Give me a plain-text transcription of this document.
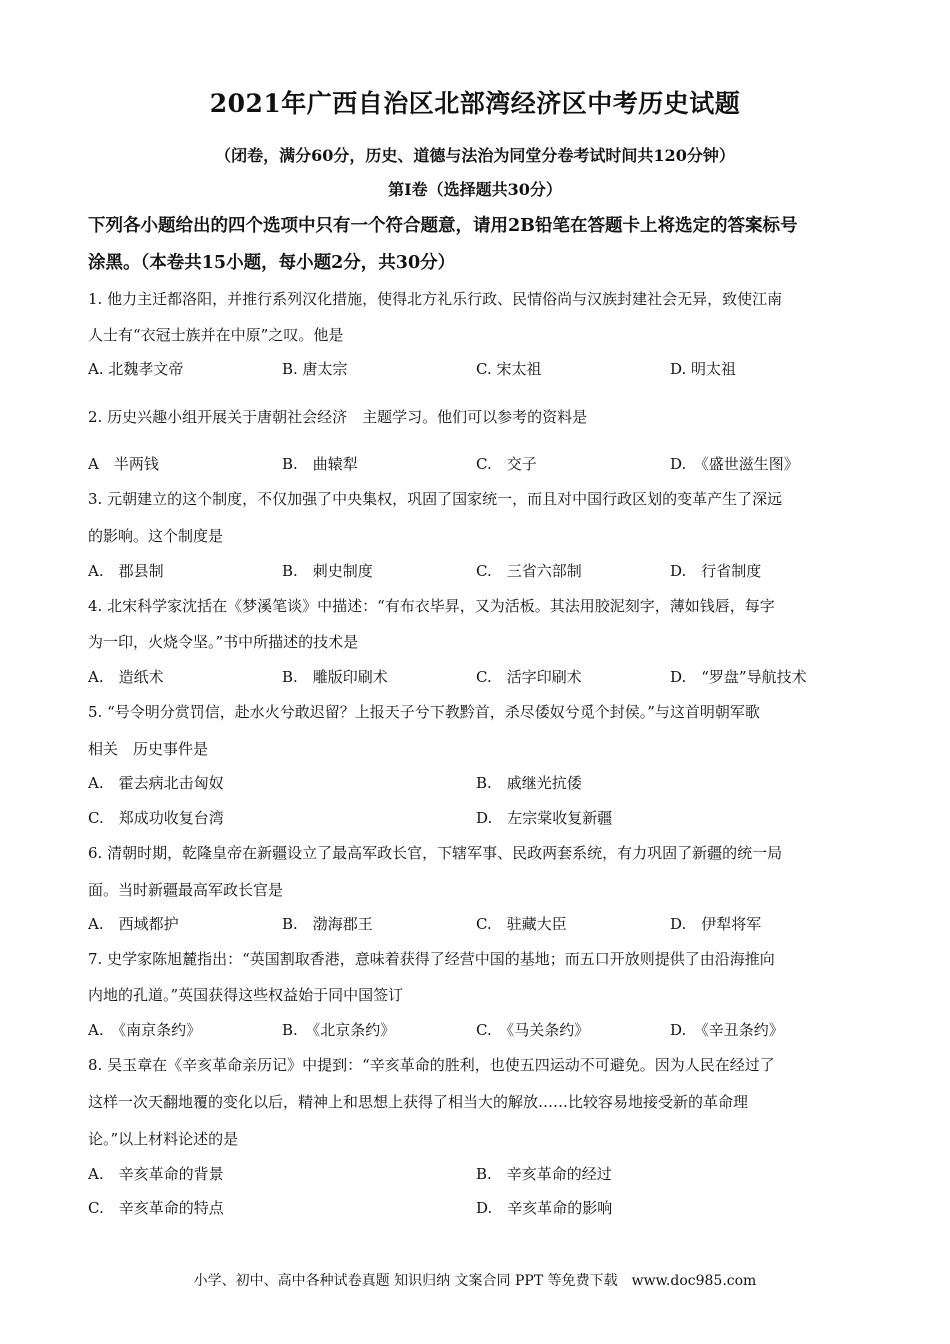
2021年广西自治区北部湾经济区中考历史试题
（闭卷，满分60分，历史、道德与法治为同堂分卷考试时间共120分钟）
第Ⅰ卷（选择题共30分）
下列各小题给出的四个选项中只有一个符合题意，请用2B铅笔在答题卡上将选定的答案标号
涂黑。（本卷共15小题，每小题2分，共30分）
1. 他力主迁都洛阳，并推行系列汉化措施，使得北方礼乐行政、民情俗尚与汉族封建社会无异，致使江南
人士有“衣冠士族并在中原”之叹。他是
A. 北魏孝文帝	B. 唐太宗	C. 宋太祖	D. 明太祖
2. 历史兴趣小组开展关于唐朝社会经济　主题学习。他们可以参考的资料是
A　半两钱	B.　曲辕犁	C.　交子	D.　《盛世滋生图》
3. 元朝建立的这个制度，不仅加强了中央集权，巩固了国家统一，而且对中国行政区划的变革产生了深远
的影响。这个制度是
A.　郡县制	B.　刺史制度	C.　三省六部制	D.　行省制度
4. 北宋科学家沈括在《梦溪笔谈》中描述：“有布衣毕昇，又为活板。其法用胶泥刻字，薄如钱唇，每字
为一印，火烧令坚。”书中所描述的技术是
A.　造纸术	B.　雕版印刷术	C.　活字印刷术	D.　“罗盘”导航技术
5. “号令明分赏罚信，赴水火兮敢迟留？上报天子兮下教黔首，杀尽倭奴兮觅个封侯。”与这首明朝军歌
相关　历史事件是
A.　霍去病北击匈奴	B.　戚继光抗倭
C.　郑成功收复台湾	D.　左宗棠收复新疆
6. 清朝时期，乾隆皇帝在新疆设立了最高军政长官，下辖军事、民政两套系统，有力巩固了新疆的统一局
面。当时新疆最高军政长官是
A.　西域都护	B.　渤海郡王	C.　驻藏大臣	D.　伊犁将军
7. 史学家陈旭麓指出：“英国割取香港，意味着获得了经营中国的基地；而五口开放则提供了由沿海推向
内地的孔道。”英国获得这些权益始于同中国签订
A.　《南京条约》	B.　《北京条约》	C.　《马关条约》	D.　《辛丑条约》
8. 吴玉章在《辛亥革命亲历记》中提到：“辛亥革命的胜利，也使五四运动不可避免。因为人民在经过了
这样一次天翻地覆的变化以后，精神上和思想上获得了相当大的解放……比较容易地接受新的革命理
论。”以上材料论述的是
A.　辛亥革命的背景	B.　辛亥革命的经过
C.　辛亥革命的特点	D.　辛亥革命的影响
小学、初中、高中各种试卷真题 知识归纳 文案合同 PPT 等免费下载　www.doc985.com
